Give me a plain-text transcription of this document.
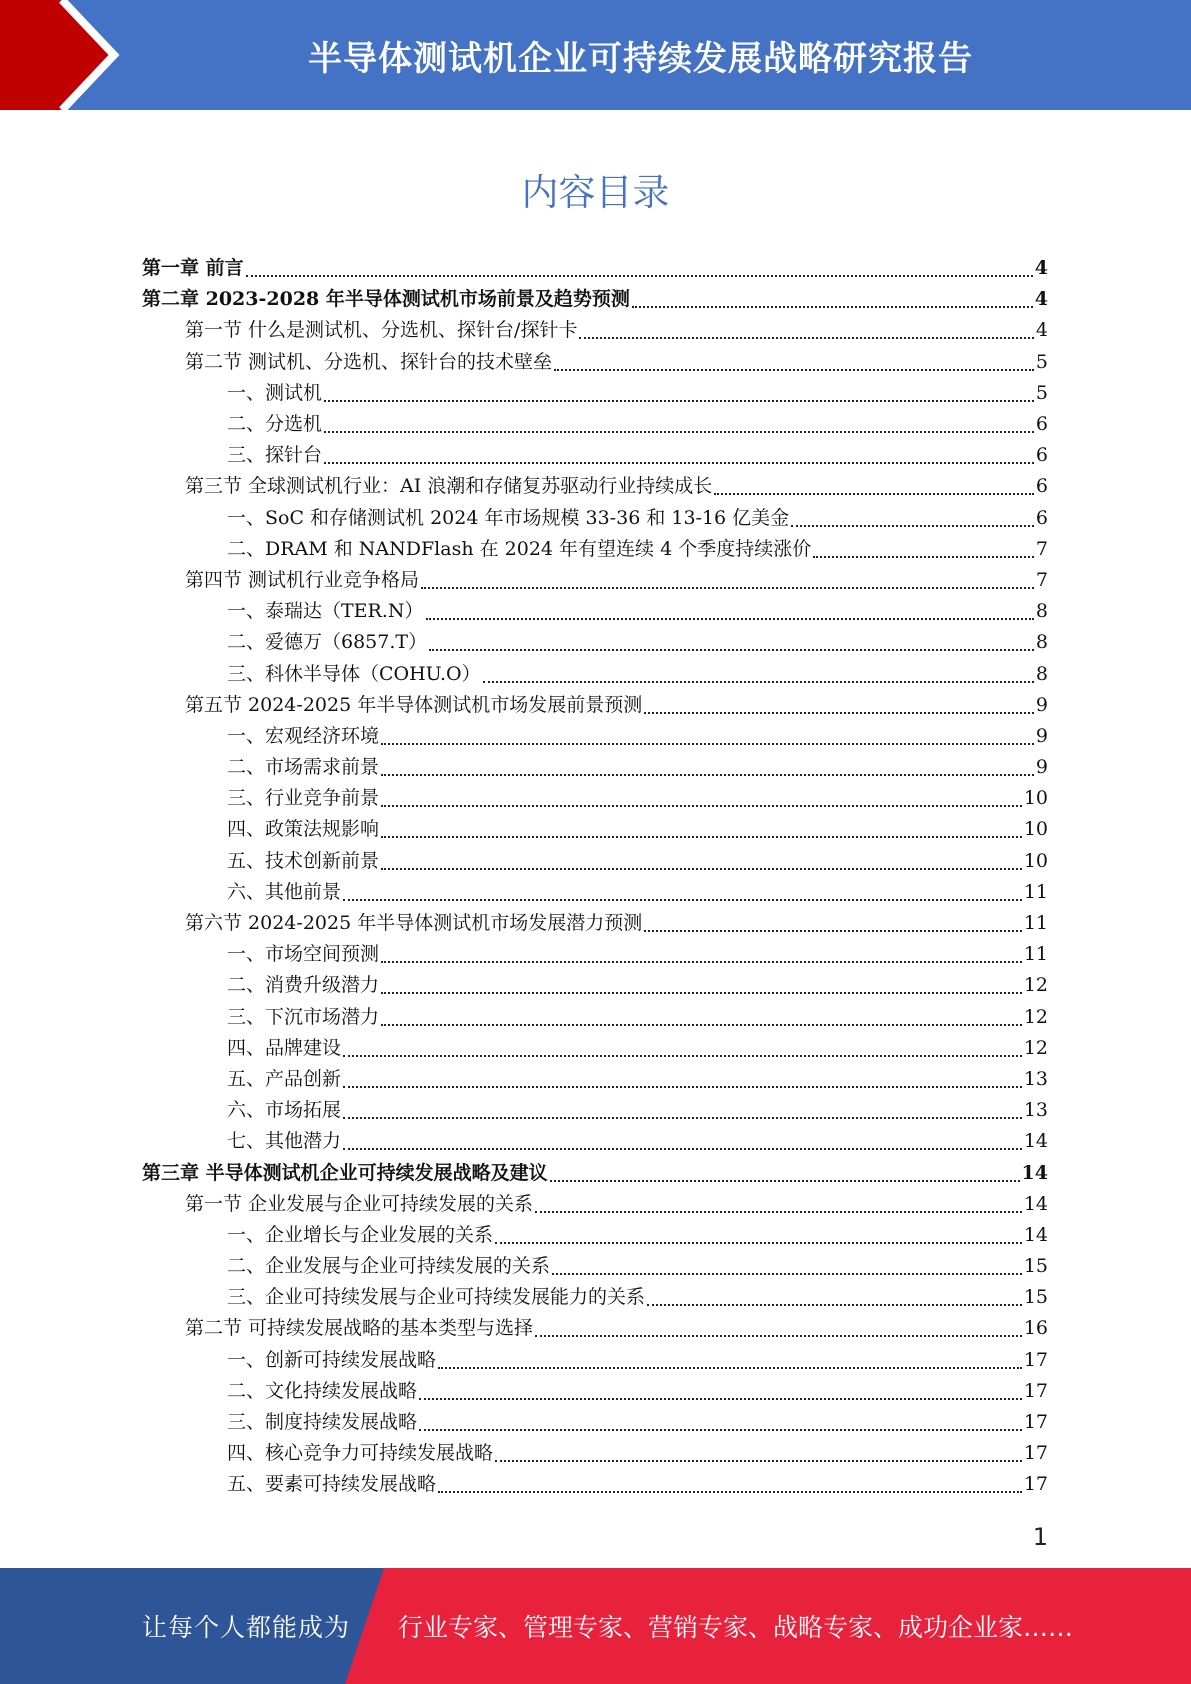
半导体测试机企业可持续发展战略研究报告
内容目录
第一章 前言	4
第二章 2023-2028 年半导体测试机市场前景及趋势预测	4
第一节 什么是测试机、分选机、探针台/探针卡	4
第二节 测试机、分选机、探针台的技术壁垒	5
一、测试机	5
二、分选机	6
三、探针台	6
第三节 全球测试机行业：AI 浪潮和存储复苏驱动行业持续成长	6
一、SoC 和存储测试机 2024 年市场规模 33-36 和 13-16 亿美金	6
二、DRAM 和 NANDFlash 在 2024 年有望连续 4 个季度持续涨价	7
第四节 测试机行业竞争格局	7
一、泰瑞达（TER.N）	8
二、爱德万（6857.T）	8
三、科休半导体（COHU.O）	8
第五节 2024-2025 年半导体测试机市场发展前景预测	9
一、宏观经济环境	9
二、市场需求前景	9
三、行业竞争前景	10
四、政策法规影响	10
五、技术创新前景	10
六、其他前景	11
第六节 2024-2025 年半导体测试机市场发展潜力预测	11
一、市场空间预测	11
二、消费升级潜力	12
三、下沉市场潜力	12
四、品牌建设	12
五、产品创新	13
六、市场拓展	13
七、其他潜力	14
第三章 半导体测试机企业可持续发展战略及建议	14
第一节 企业发展与企业可持续发展的关系	14
一、企业增长与企业发展的关系	14
二、企业发展与企业可持续发展的关系	15
三、企业可持续发展与企业可持续发展能力的关系	15
第二节 可持续发展战略的基本类型与选择	16
一、创新可持续发展战略	17
二、文化持续发展战略	17
三、制度持续发展战略	17
四、核心竞争力可持续发展战略	17
五、要素可持续发展战略	17
1
让每个人都能成为 行业专家、管理专家、营销专家、战略专家、成功企业家……
